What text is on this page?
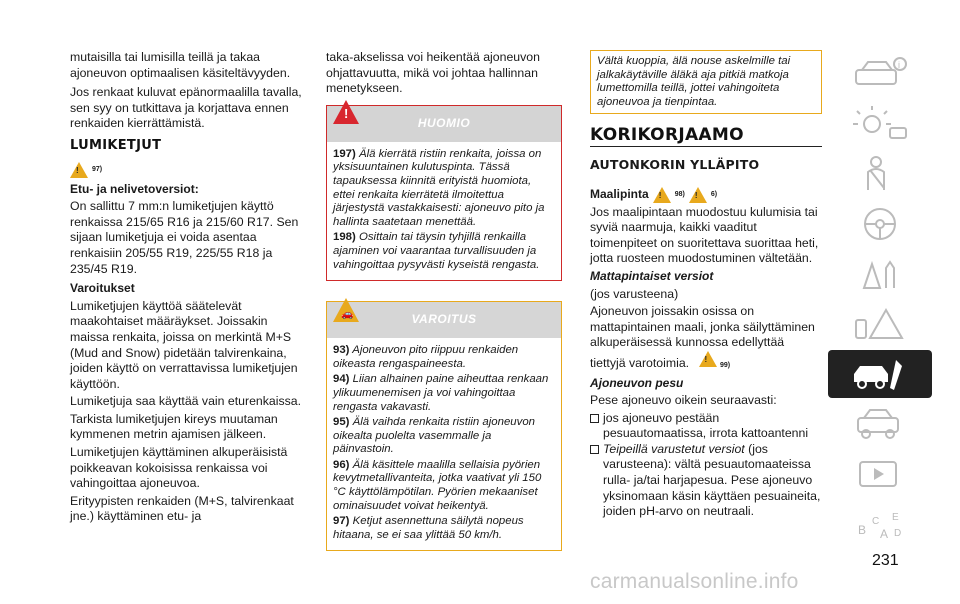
mutaisilla tai lumisilla teillä ja takaa ajoneuvon optimaalisen käsiteltävyyden.

Jos renkaat kuluvat epänormaalilla tavalla, sen syy on tutkittava ja korjattava ennen renkaiden kierrättämistä.

LUMIKETJUT
! 97)
Etu- ja nelivetoversiot:

On sallittu 7 mm:n lumiketjujen käyttö renkaissa 215/65 R16 ja 215/60 R17. Sen sijaan lumiketjuja ei voida asentaa renkaisiin 205/55 R19, 225/55 R18 ja 235/45 R19.

Varoitukset

Lumiketjujen käyttöä säätelevät maakohtaiset määräykset. Joissakin maissa renkaita, joissa on merkintä M+S (Mud and Snow) pidetään talvirenkaina, joiden käyttö on verrattavissa lumiketjujen käyttöön.

Lumiketjuja saa käyttää vain eturenkaissa.

Tarkista lumiketjujen kireys muutaman kymmenen metrin ajamisen jälkeen.

Lumiketjujen käyttäminen alkuperäisistä poikkeavan kokoisissa renkaissa voi vahingoittaa ajoneuvoa.

Erityypisten renkaiden (M+S, talvirenkaat jne.) käyttäminen etu- ja

taka-akselissa voi heikentää ajoneuvon ohjattavuutta, mikä voi johtaa hallinnan menetykseen.

!
HUOMIO
197) Älä kierrätä ristiin renkaita, joissa on yksisuuntainen kulutuspinta. Tässä tapauksessa kiinnitä erityistä huomiota, ettei renkaita kierrätetä ilmoitettua järjestystä vastakkaisesti: ajoneuvo pito ja hallinta saatetaan menettää.
198) Osittain tai täysin tyhjillä renkailla ajaminen voi vaarantaa turvallisuuden ja vahingoittaa pysyvästi kyseistä rengasta.
🚗	VAROITUS
93) Ajoneuvon pito riippuu renkaiden oikeasta rengaspaineesta.
94) Liian alhainen paine aiheuttaa renkaan ylikuumenemisen ja voi vahingoittaa rengasta vakavasti.
95) Älä vaihda renkaita ristiin ajoneuvon oikealta puolelta vasemmalle ja päinvastoin.
96) Älä käsittele maalilla sellaisia pyörien kevytmetallivanteita, jotka vaativat yli 150 °C käyttölämpötilan. Pyörien mekaaniset ominaisuudet voivat heikentyä.
97) Ketjut asennettuna säilytä nopeus hitaana, se ei saa ylittää 50 km/h.
Vältä kuoppia, älä nouse askelmille tai jalkakäytäville äläkä aja pitkiä matkoja lumettomilla teillä, jottei vahingoiteta ajoneuvoa ja tienpintaa.
KORIKORJAAMO
AUTONKORIN YLLÄPITO
Maalipinta ! 98) ! 6)

Jos maalipintaan muodostuu kulumisia tai syviä naarmuja, kaikki vaaditut toimenpiteet on suoritettava suorittaa heti, jotta ruosteen muodostuminen vältetään.

Mattapintaiset versiot

(jos varusteena)

Ajoneuvon joissakin osissa on mattapintainen maali, jonka säilyttäminen alkuperäisessä kunnossa edellyttää tiettyjä varotoimia. !
99)

Ajoneuvon pesu

Pese ajoneuvo oikein seuraavasti:

jos ajoneuvo pestään pesuautomaatissa, irrota kattoantenni
Teipeillä varustetut versiot (jos varusteena): vältä pesuautomaateissa rulla- ja/tai harjapesua. Pese ajoneuvo yksinomaan käsin käyttäen pesuaineita, joiden pH-arvo on neutraali.
i
B
C
A
E
D
231
carmanualsonline.info
